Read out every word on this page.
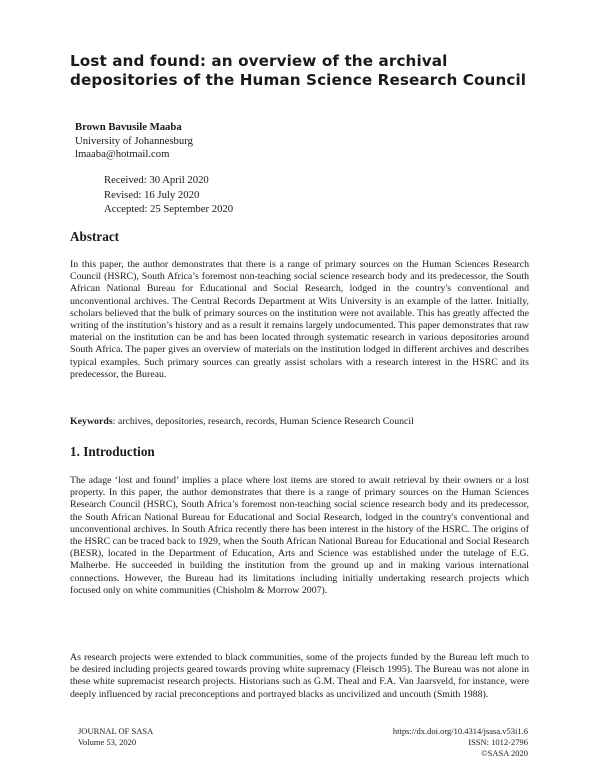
Lost and found: an overview of the archival depositories of the Human Science Research Council
Brown Bavusile Maaba
University of Johannesburg
lmaaba@hotmail.com
Received: 30 April 2020
Revised: 16 July 2020
Accepted: 25 September 2020
Abstract
In this paper, the author demonstrates that there is a range of primary sources on the Human Sciences Research Council (HSRC), South Africa’s foremost non-teaching social science research body and its predecessor, the South African National Bureau for Educational and Social Research, lodged in the country's conventional and unconventional archives. The Central Records Department at Wits University is an example of the latter. Initially, scholars believed that the bulk of primary sources on the institution were not available. This has greatly affected the writing of the institution’s history and as a result it remains largely undocumented. This paper demonstrates that raw material on the institution can be and has been located through systematic research in various depositories around South Africa. The paper gives an overview of materials on the institution lodged in different archives and describes typical examples. Such primary sources can greatly assist scholars with a research interest in the HSRC and its predecessor, the Bureau.
Keywords: archives, depositories, research, records, Human Science Research Council
1. Introduction
The adage ‘lost and found’ implies a place where lost items are stored to await retrieval by their owners or a lost property. In this paper, the author demonstrates that there is a range of primary sources on the Human Sciences Research Council (HSRC), South Africa’s foremost non-teaching social science research body and its predecessor, the South African National Bureau for Educational and Social Research, lodged in the country's conventional and unconventional archives. In South Africa recently there has been interest in the history of the HSRC. The origins of the HSRC can be traced back to 1929, when the South African National Bureau for Educational and Social Research (BESR), located in the Department of Education, Arts and Science was established under the tutelage of E.G. Malherbe. He succeeded in building the institution from the ground up and in making various international connections. However, the Bureau had its limitations including initially undertaking research projects which focused only on white communities (Chisholm & Morrow 2007).
As research projects were extended to black communities, some of the projects funded by the Bureau left much to be desired including projects geared towards proving white supremacy (Fleisch 1995). The Bureau was not alone in these white supremacist research projects. Historians such as G.M. Theal and F.A. Van Jaarsveld, for instance, were deeply influenced by racial preconceptions and portrayed blacks as uncivilized and uncouth (Smith 1988).
JOURNAL OF SASA
Volume 53, 2020
https://dx.doi.org/10.4314/jsasa.v53i1.6
ISSN: 1012-2796
©SASA 2020
